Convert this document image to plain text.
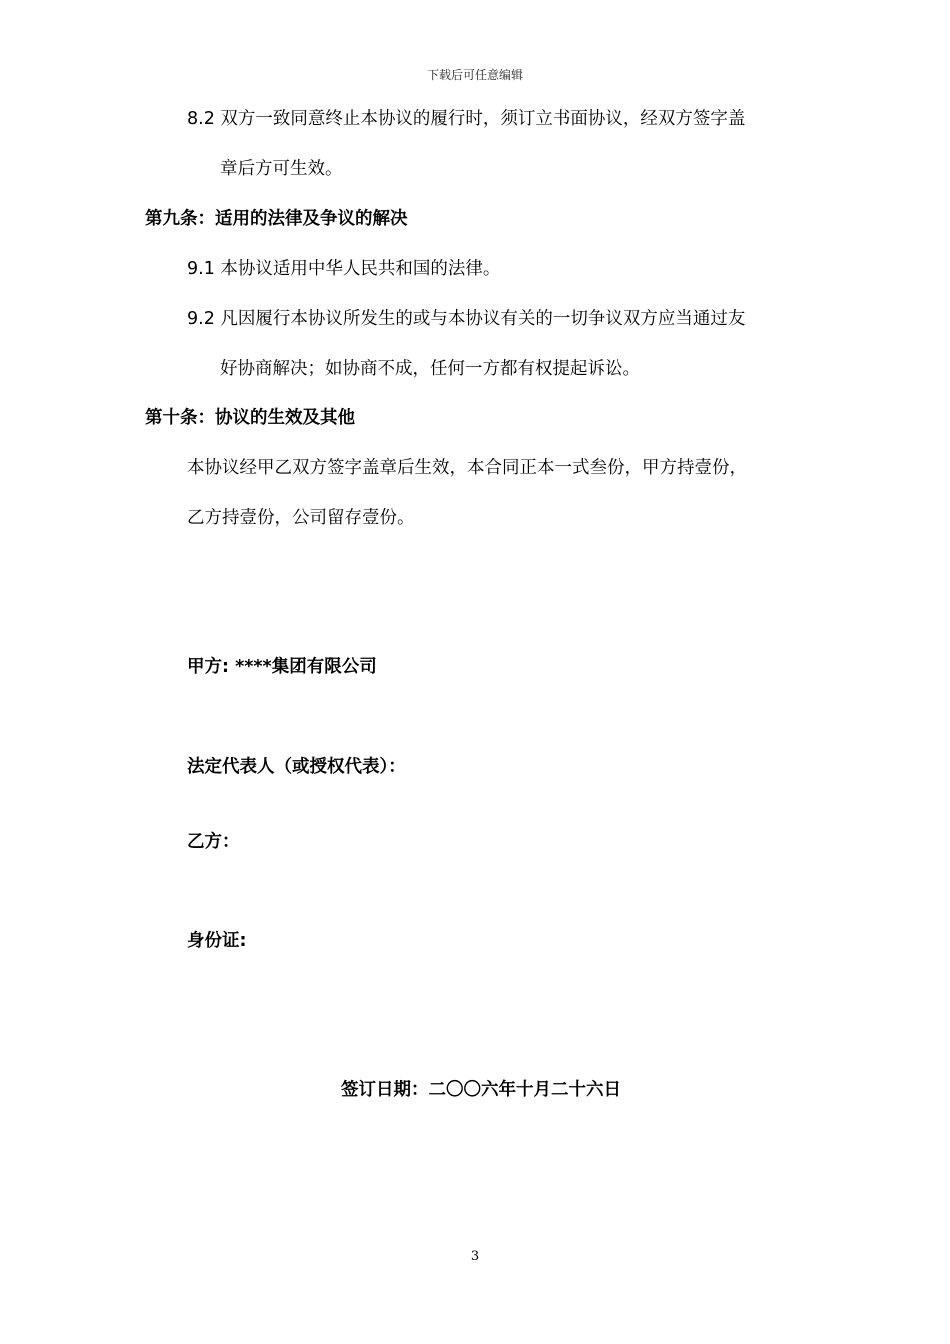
下载后可任意编辑
8.2 双方一致同意终止本协议的履行时，须订立书面协议，经双方签字盖
章后方可生效。
第九条：适用的法律及争议的解决
9.1 本协议适用中华人民共和国的法律。
9.2 凡因履行本协议所发生的或与本协议有关的一切争议双方应当通过友
好协商解决；如协商不成，任何一方都有权提起诉讼。
第十条：协议的生效及其他
本协议经甲乙双方签字盖章后生效，本合同正本一式叁份，甲方持壹份，
乙方持壹份，公司留存壹份。
甲方: ****集团有限公司
法定代表人（或授权代表）：
乙方：
身份证:
签订日期：二〇〇六年十月二十六日
3
